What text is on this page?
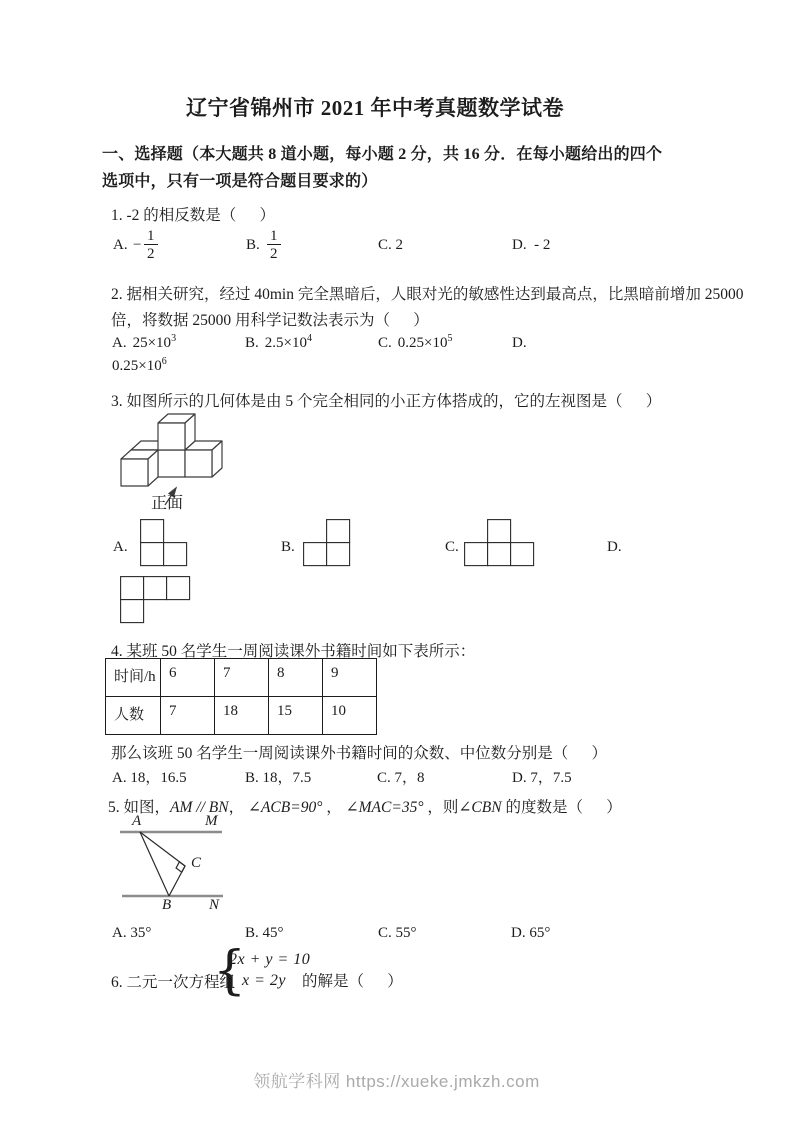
辽宁省锦州市 2021 年中考真题数学试卷
一、选择题（本大题共 8 道小题，每小题 2 分，共 16 分．在每小题给出的四个
选项中，只有一项是符合题目要求的）
1. -2 的相反数是（      ）
A. − $\frac{1}{2}$	B. $\frac{1}{2}$	C. 2	D.  - 2
2. 据相关研究，经过 40min 完全黑暗后，人眼对光的敏感性达到最高点，比黑暗前增加 25000
倍，将数据 25000 用科学记数法表示为（      ）
A. $25\times 10^3$	B. $2.5\times 10^4$	C. $0.25\times 10^5$	D.
$0.25\times 10^6$
3. 如图所示的几何体是由 5 个完全相同的小正方体搭成的，它的左视图是（      ）
正面
A.	B.	C.	D.
4. 某班 50 名学生一周阅读课外书籍时间如下表所示：
时间/h	6	7	8	9
人数	7	18	15	10
那么该班 50 名学生一周阅读课外书籍时间的众数、中位数分别是（      ）
A. 18，16.5	B. 18，7.5	C. 7，8	D. 7，7.5
5. 如图，AM // BN， ∠ACB=90° ， ∠MAC=35° ，则∠CBN 的度数是（      ）
A	M
B	N
C
A. 35°	B. 45°	C. 55°	D. 65°
6. 二元一次方程组
{
2x + y = 10
x = 2y	的解是（      ）
领航学科网 https://xueke.jmkzh.com
